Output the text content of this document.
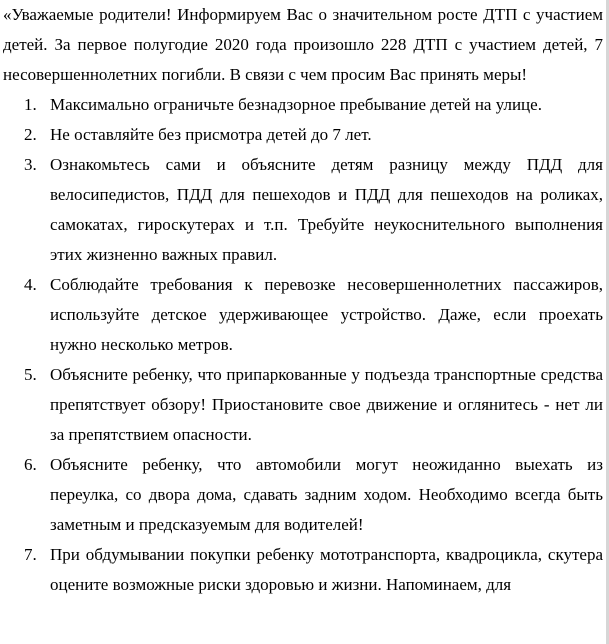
«Уважаемые родители! Информируем Вас о значительном росте ДТП с участием детей. За первое полугодие 2020 года произошло 228 ДТП с участием детей, 7 несовершеннолетних погибли. В связи с чем просим Вас принять меры!

1. Максимально ограничьте безнадзорное пребывание детей на улице.
2. Не оставляйте без присмотра детей до 7 лет.
3. Ознакомьтесь сами и объясните детям разницу между ПДД для велосипедистов, ПДД для пешеходов и ПДД для пешеходов на роликах, самокатах, гироскутерах и т.п. Требуйте неукоснительного выполнения этих жизненно важных правил.
4. Соблюдайте требования к перевозке несовершеннолетних пассажиров, используйте детское удерживающее устройство. Даже, если проехать нужно несколько метров.
5. Объясните ребенку, что припаркованные у подъезда транспортные средства препятствует обзору! Приостановите свое движение и оглянитесь - нет ли за препятствием опасности.
6. Объясните ребенку, что автомобили могут неожиданно выехать из переулка, со двора дома, сдавать задним ходом. Необходимо всегда быть заметным и предсказуемым для водителей!
7. При обдумывании покупки ребенку мототранспорта, квадроцикла, скутера оцените возможные риски здоровью и жизни. Напоминаем, для
